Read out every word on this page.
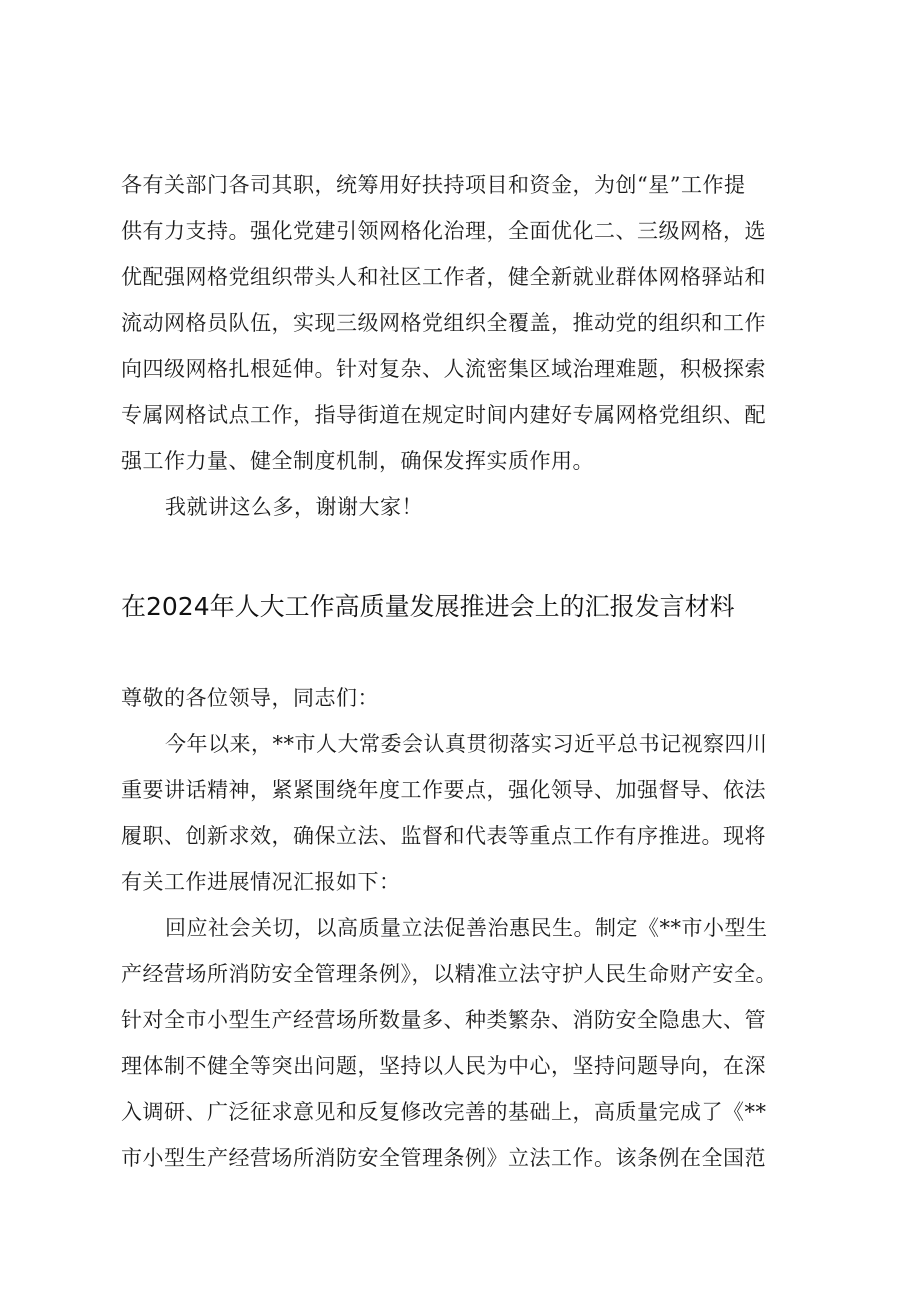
各有关部门各司其职，统筹用好扶持项目和资金，为创“星”工作提
供有力支持。强化党建引领网格化治理，全面优化二、三级网格，选
优配强网格党组织带头人和社区工作者，健全新就业群体网格驿站和
流动网格员队伍，实现三级网格党组织全覆盖，推动党的组织和工作
向四级网格扎根延伸。针对复杂、人流密集区域治理难题，积极探索
专属网格试点工作，指导街道在规定时间内建好专属网格党组织、配
强工作力量、健全制度机制，确保发挥实质作用。
我就讲这么多，谢谢大家！
在2024年人大工作高质量发展推进会上的汇报发言材料
尊敬的各位领导，同志们：
今年以来，**市人大常委会认真贯彻落实习近平总书记视察四川
重要讲话精神，紧紧围绕年度工作要点，强化领导、加强督导、依法
履职、创新求效，确保立法、监督和代表等重点工作有序推进。现将
有关工作进展情况汇报如下：
回应社会关切，以高质量立法促善治惠民生。制定《**市小型生
产经营场所消防安全管理条例》，以精准立法守护人民生命财产安全。
针对全市小型生产经营场所数量多、种类繁杂、消防安全隐患大、管
理体制不健全等突出问题，坚持以人民为中心，坚持问题导向，在深
入调研、广泛征求意见和反复修改完善的基础上，高质量完成了《**
市小型生产经营场所消防安全管理条例》立法工作。该条例在全国范
